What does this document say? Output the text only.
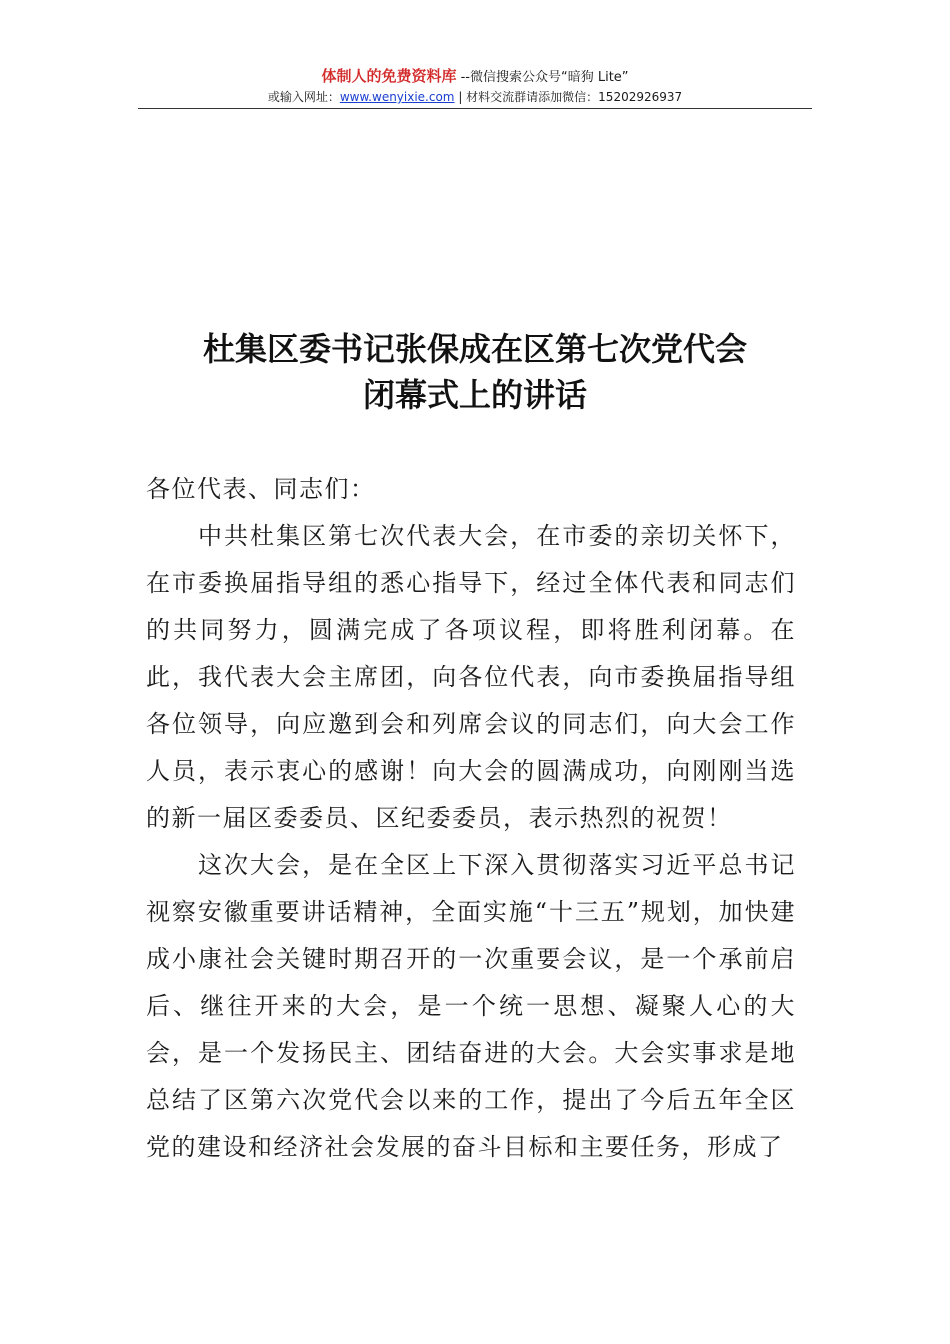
体制人的免费资料库 --微信搜索公众号“暗狗 Lite”
或输入网址：www.wenyixie.com | 材料交流群请添加微信：15202926937
杜集区委书记张保成在区第七次党代会
闭幕式上的讲话

各位代表、同志们：

中共杜集区第七次代表大会，在市委的亲切关怀下，在市委换届指导组的悉心指导下，经过全体代表和同志们的共同努力，圆满完成了各项议程，即将胜利闭幕。在此，我代表大会主席团，向各位代表，向市委换届指导组各位领导，向应邀到会和列席会议的同志们，向大会工作人员，表示衷心的感谢！向大会的圆满成功，向刚刚当选的新一届区委委员、区纪委委员，表示热烈的祝贺！

这次大会，是在全区上下深入贯彻落实习近平总书记视察安徽重要讲话精神，全面实施“十三五”规划，加快建成小康社会关键时期召开的一次重要会议，是一个承前启后、继往开来的大会，是一个统一思想、凝聚人心的大会，是一个发扬民主、团结奋进的大会。大会实事求是地总结了区第六次党代会以来的工作，提出了今后五年全区党的建设和经济社会发展的奋斗目标和主要任务，形成了
